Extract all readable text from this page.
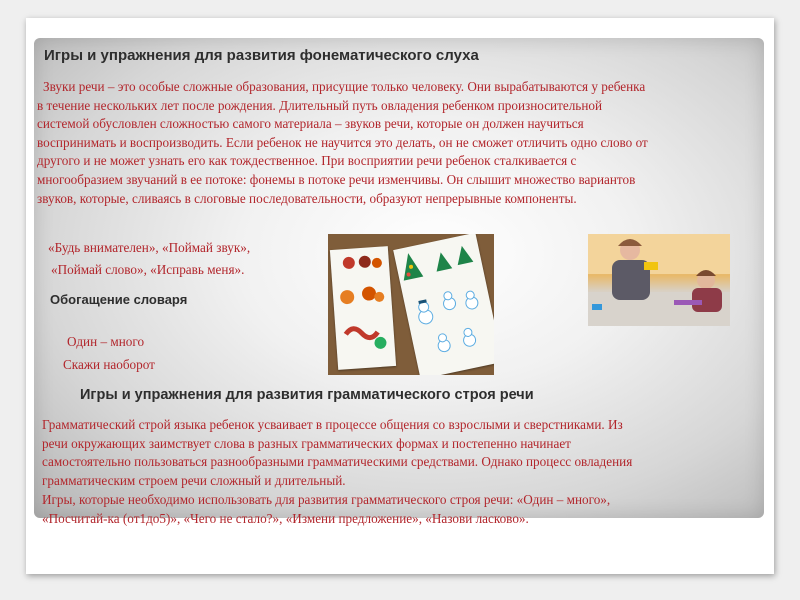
Игры и упражнения для развития фонематического слуха
Звуки речи – это особые сложные образования, присущие только человеку. Они вырабатываются у ребенка
в течение нескольких лет после рождения. Длительный путь овладения ребенком произносительной
системой обусловлен сложностью самого материала – звуков речи, которые он должен научиться
воспринимать и воспроизводить. Если ребенок не научится это делать, он не сможет отличить одно слово от
другого и не может узнать его как тождественное. При восприятии речи ребенок сталкивается с
многообразием звучаний в ее потоке: фонемы в потоке речи изменчивы. Он слышит множество вариантов
звуков, которые, сливаясь в слоговые последовательности, образуют непрерывные компоненты.
«Будь внимателен», «Поймай звук»,
«Поймай слово», «Исправь меня».
Обогащение словаря
Один – много
Скажи наоборот
Игры и упражнения для развития грамматического строя речи
Грамматический строй языка ребенок усваивает в процессе общения со взрослыми и сверстниками. Из
речи окружающих заимствует слова в разных грамматических формах и постепенно начинает
самостоятельно пользоваться разнообразными грамматическими средствами. Однако процесс овладения
грамматическим строем речи сложный и длительный.
Игры, которые необходимо использовать для развития грамматического строя речи: «Один – много»,
«Посчитай-ка (от1до5)», «Чего не стало?», «Измени предложение», «Назови ласково».
